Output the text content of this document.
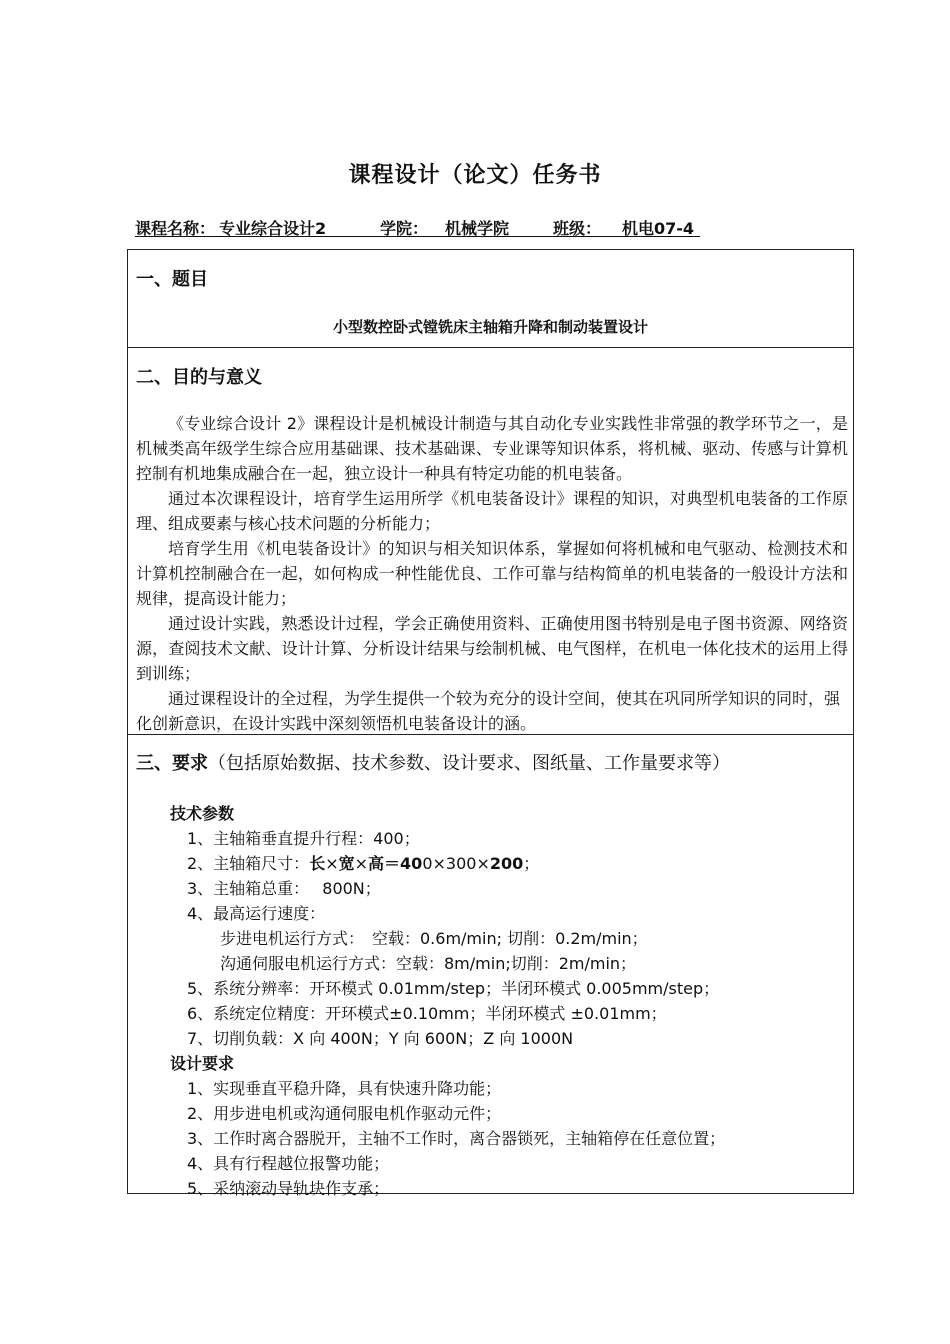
课程设计（论文）任务书
课程名称： 专业综合设计2	学院： 机械学院	班级： 机电07-4
一、题目
小型数控卧式镗铣床主轴箱升降和制动装置设计
二、目的与意义
《专业综合设计 2》课程设计是机械设计制造与其自动化专业实践性非常强的教学环节之一，是机械类高年级学生综合应用基础课、技术基础课、专业课等知识体系，将机械、驱动、传感与计算机控制有机地集成融合在一起，独立设计一种具有特定功能的机电装备。
通过本次课程设计，培育学生运用所学《机电装备设计》课程的知识，对典型机电装备的工作原理、组成要素与核心技术问题的分析能力；
培育学生用《机电装备设计》的知识与相关知识体系，掌握如何将机械和电气驱动、检测技术和计算机控制融合在一起，如何构成一种性能优良、工作可靠与结构简单的机电装备的一般设计方法和规律，提高设计能力；
通过设计实践，熟悉设计过程，学会正确使用资料、正确使用图书特别是电子图书资源、网络资源，查阅技术文献、设计计算、分析设计结果与绘制机械、电气图样，在机电一体化技术的运用上得到训练；
通过课程设计的全过程，为学生提供一个较为充分的设计空间，使其在巩同所学知识的同时，强化创新意识，在设计实践中深刻领悟机电装备设计的涵。
三、要求（包括原始数据、技术参数、设计要求、图纸量、工作量要求等）
技术参数
1、主轴箱垂直提升行程：400；
2、主轴箱尺寸：长×宽×高＝400×300×200；
3、主轴箱总重：　 800N；
4、最高运行速度：
步进电机运行方式：　空载：0.6m/min; 切削：0.2m/min；
沟通伺服电机运行方式：空载：8m/min;切削：2m/min；
5、系统分辨率：开环模式 0.01mm/step；半闭环模式 0.005mm/step；
6、系统定位精度：开环模式±0.10mm；半闭环模式 ±0.01mm；
7、切削负载：X 向 400N；Y 向 600N；Z 向 1000N
设计要求
1、实现垂直平稳升降，具有快速升降功能；
2、用步进电机或沟通伺服电机作驱动元件；
3、工作时离合器脱开，主轴不工作时，离合器锁死，主轴箱停在任意位置；
4、具有行程越位报警功能；
5、采纳滚动导轨块作支承；
